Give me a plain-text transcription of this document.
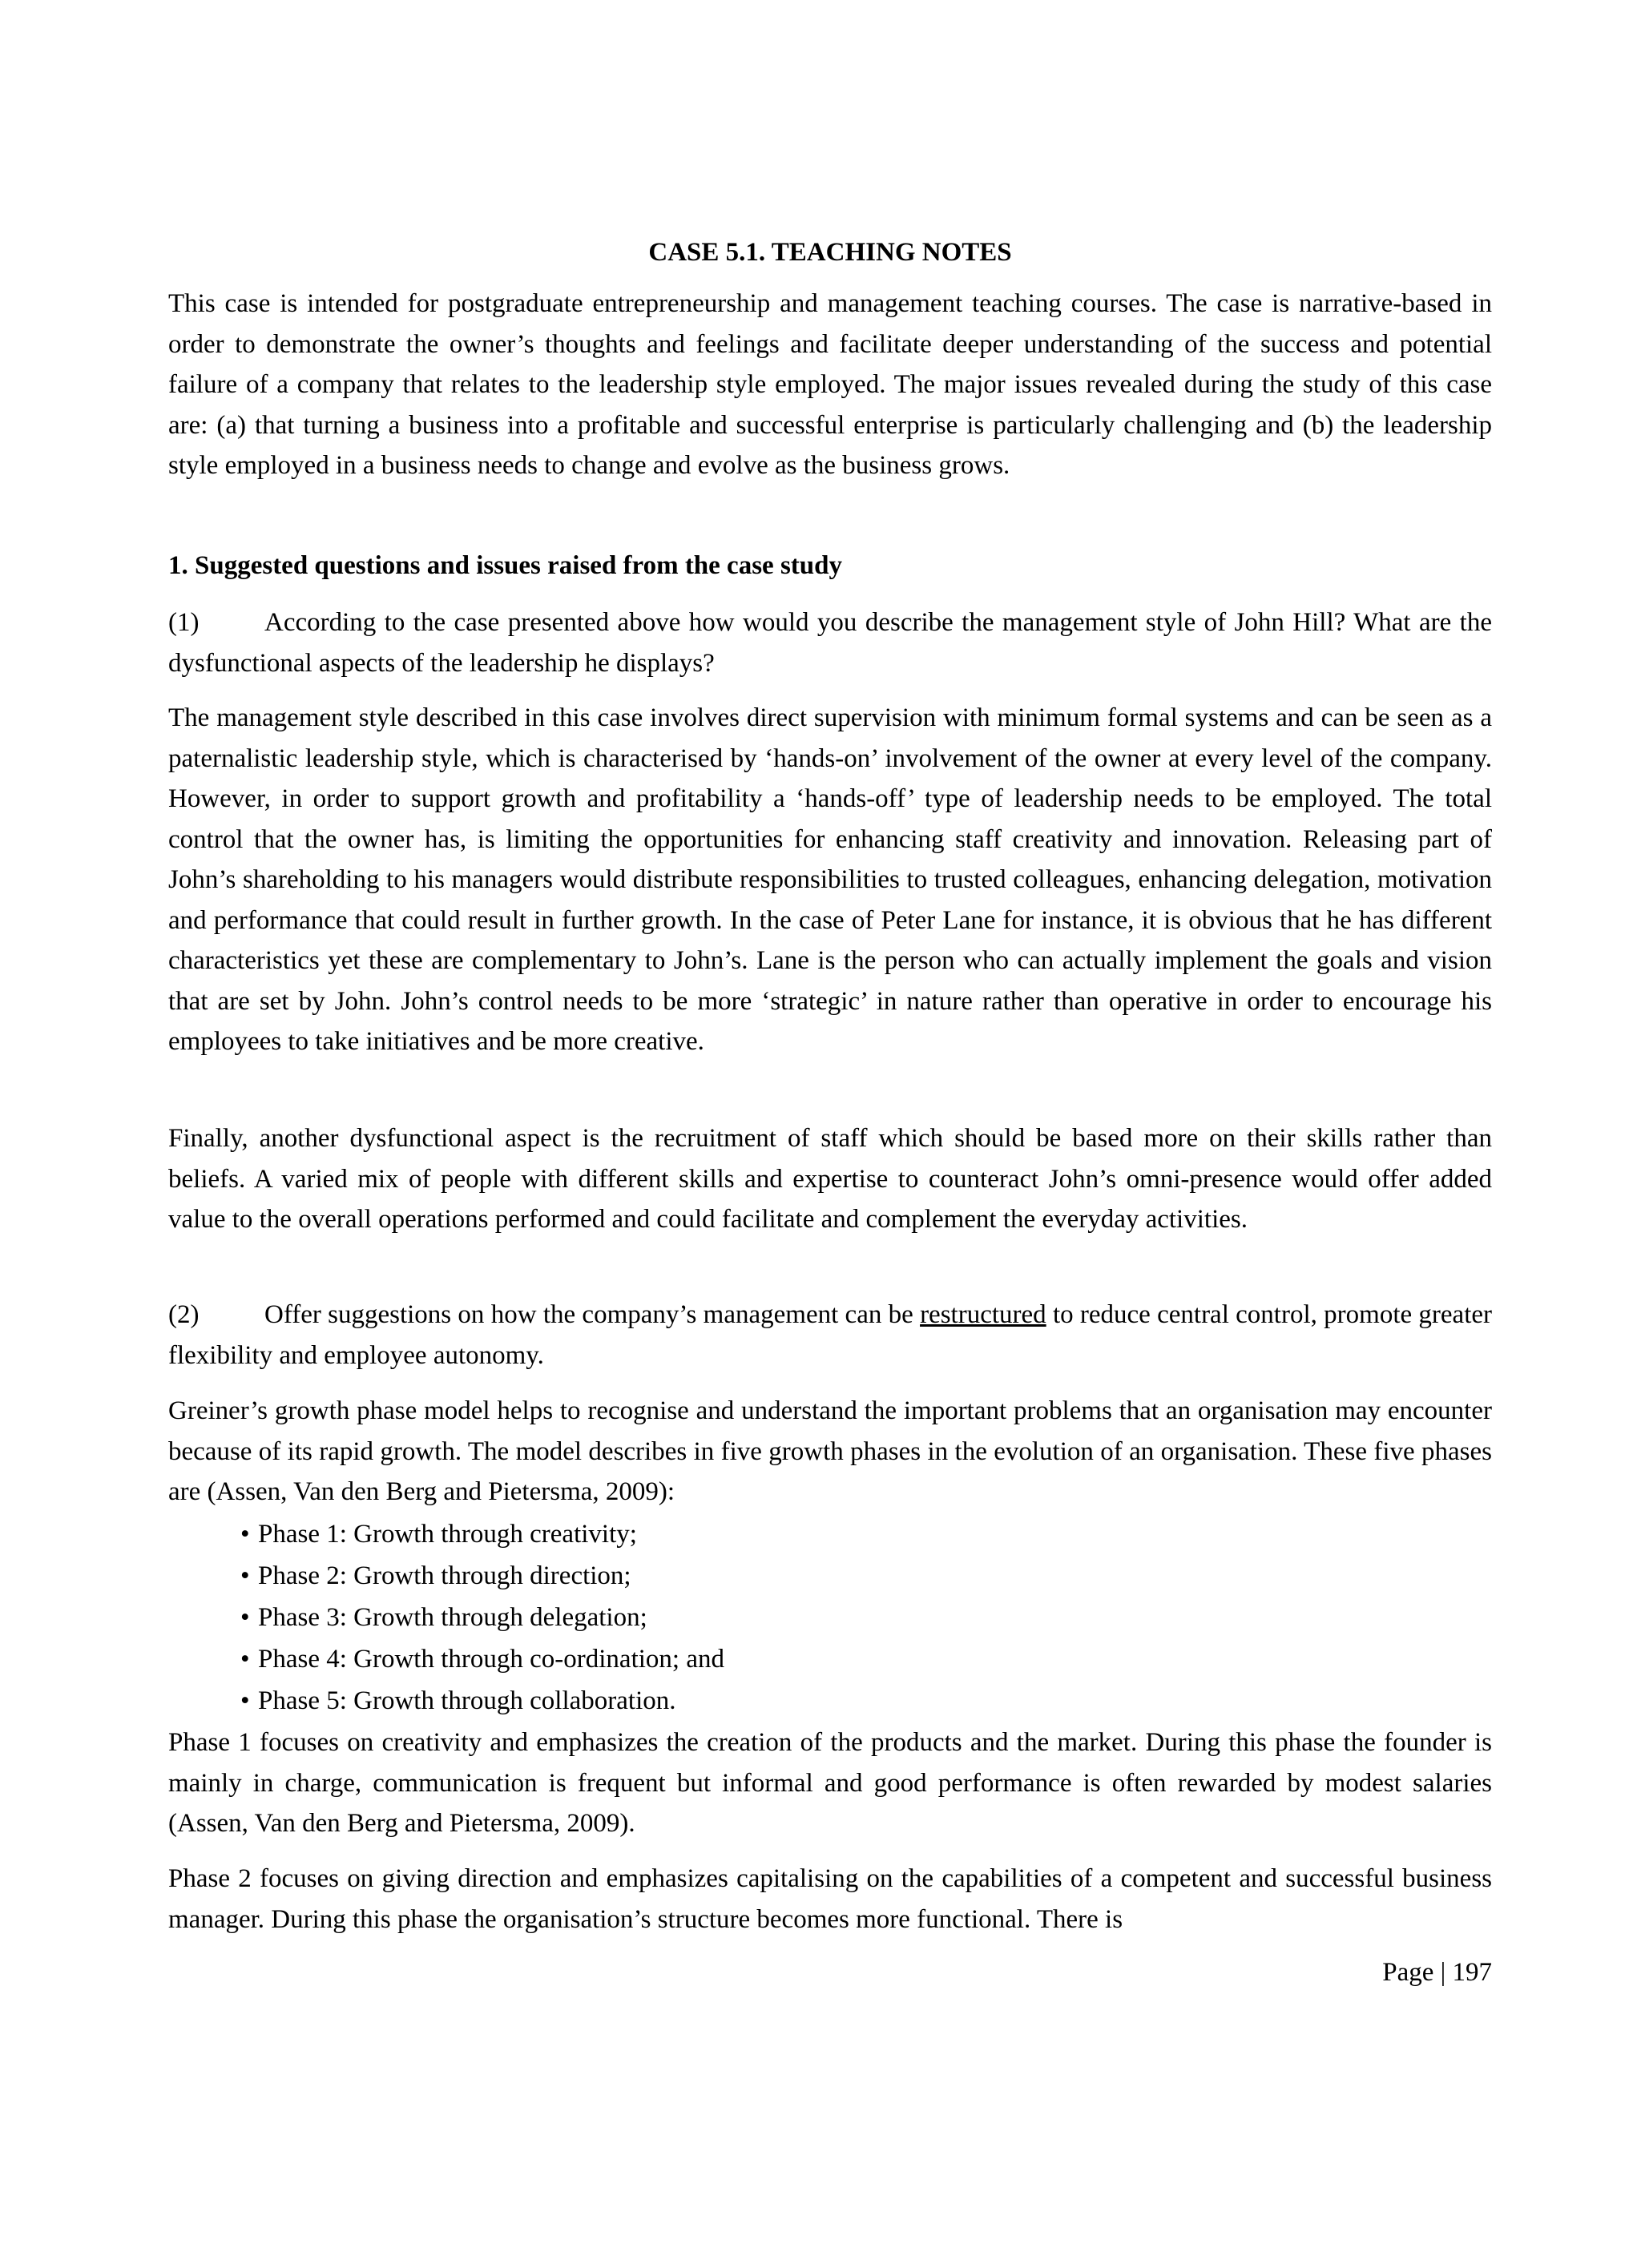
CASE 5.1. TEACHING NOTES

This case is intended for postgraduate entrepreneurship and management teaching courses. The case is narrative-based in order to demonstrate the owner’s thoughts and feelings and facilitate deeper understanding of the success and potential failure of a company that relates to the leadership style employed. The major issues revealed during the study of this case are: (a) that turning a business into a profitable and successful enterprise is particularly challenging and (b) the leadership style employed in a business needs to change and evolve as the business grows.

1. Suggested questions and issues raised from the case study

(1) According to the case presented above how would you describe the management style of John Hill? What are the dysfunctional aspects of the leadership he displays?

The management style described in this case involves direct supervision with minimum formal systems and can be seen as a paternalistic leadership style, which is characterised by ‘hands-on’ involvement of the owner at every level of the company. However, in order to support growth and profitability a ‘hands-off’ type of leadership needs to be employed. The total control that the owner has, is limiting the opportunities for enhancing staff creativity and innovation. Releasing part of John’s shareholding to his managers would distribute responsibilities to trusted colleagues, enhancing delegation, motivation and performance that could result in further growth. In the case of Peter Lane for instance, it is obvious that he has different characteristics yet these are complementary to John’s. Lane is the person who can actually implement the goals and vision that are set by John. John’s control needs to be more ‘strategic’ in nature rather than operative in order to encourage his employees to take initiatives and be more creative.

Finally, another dysfunctional aspect is the recruitment of staff which should be based more on their skills rather than beliefs. A varied mix of people with different skills and expertise to counteract John’s omni-presence would offer added value to the overall operations performed and could facilitate and complement the everyday activities.

(2) Offer suggestions on how the company’s management can be restructured to reduce central control, promote greater flexibility and employee autonomy.

Greiner’s growth phase model helps to recognise and understand the important problems that an organisation may encounter because of its rapid growth. The model describes in five growth phases in the evolution of an organisation. These five phases are (Assen, Van den Berg and Pietersma, 2009):

• Phase 1: Growth through creativity;
• Phase 2: Growth through direction;
• Phase 3: Growth through delegation;
• Phase 4: Growth through co-ordination; and
• Phase 5: Growth through collaboration.

Phase 1 focuses on creativity and emphasizes the creation of the products and the market. During this phase the founder is mainly in charge, communication is frequent but informal and good performance is often rewarded by modest salaries (Assen, Van den Berg and Pietersma, 2009).

Phase 2 focuses on giving direction and emphasizes capitalising on the capabilities of a competent and successful business manager. During this phase the organisation’s structure becomes more functional. There is

Page | 197
